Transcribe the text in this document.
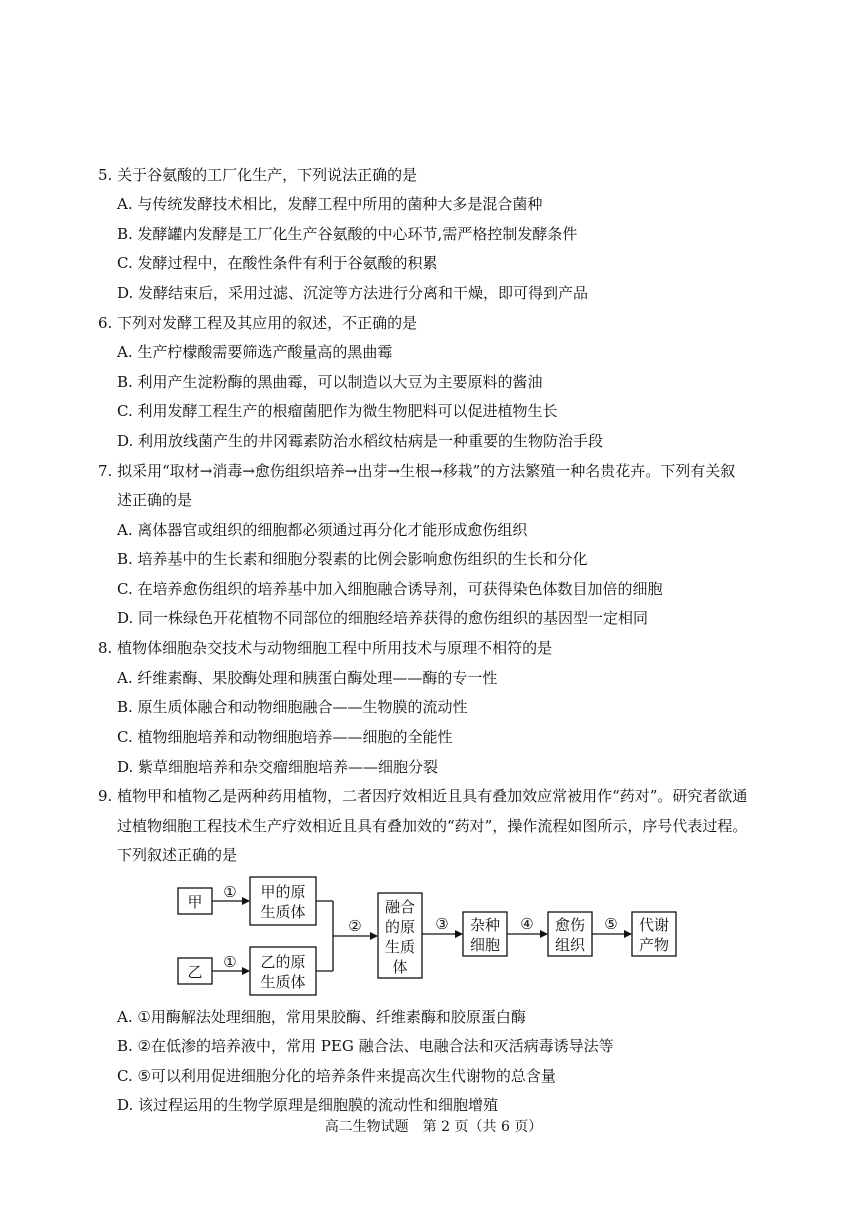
5. 关于谷氨酸的工厂化生产，下列说法正确的是
A. 与传统发酵技术相比，发酵工程中所用的菌种大多是混合菌种
B. 发酵罐内发酵是工厂化生产谷氨酸的中心环节,需严格控制发酵条件
C. 发酵过程中，在酸性条件有利于谷氨酸的积累
D. 发酵结束后，采用过滤、沉淀等方法进行分离和干燥，即可得到产品
6. 下列对发酵工程及其应用的叙述，不正确的是
A. 生产柠檬酸需要筛选产酸量高的黑曲霉
B. 利用产生淀粉酶的黑曲霉，可以制造以大豆为主要原料的酱油
C. 利用发酵工程生产的根瘤菌肥作为微生物肥料可以促进植物生长
D. 利用放线菌产生的井冈霉素防治水稻纹枯病是一种重要的生物防治手段
7. 拟采用“取材→消毒→愈伤组织培养→出芽→生根→移栽”的方法繁殖一种名贵花卉。下列有关叙
述正确的是
A. 离体器官或组织的细胞都必须通过再分化才能形成愈伤组织
B. 培养基中的生长素和细胞分裂素的比例会影响愈伤组织的生长和分化
C. 在培养愈伤组织的培养基中加入细胞融合诱导剂，可获得染色体数目加倍的细胞
D. 同一株绿色开花植物不同部位的细胞经培养获得的愈伤组织的基因型一定相同
8. 植物体细胞杂交技术与动物细胞工程中所用技术与原理不相符的是
A. 纤维素酶、果胶酶处理和胰蛋白酶处理——酶的专一性
B. 原生质体融合和动物细胞融合——生物膜的流动性
C. 植物细胞培养和动物细胞培养——细胞的全能性
D. 紫草细胞培养和杂交瘤细胞培养——细胞分裂
9. 植物甲和植物乙是两种药用植物，二者因疗效相近且具有叠加效应常被用作“药对”。研究者欲通
过植物细胞工程技术生产疗效相近且具有叠加效的“药对”，操作流程如图所示，序号代表过程。
下列叙述正确的是
甲
乙
甲的原
生质体
乙的原
生质体
融合
的原
生质
体
杂种
细胞
愈伤
组织
代谢
产物
①
①
②	③	④	⑤
A. ①用酶解法处理细胞，常用果胶酶、纤维素酶和胶原蛋白酶
B. ②在低渗的培养液中，常用 PEG 融合法、电融合法和灭活病毒诱导法等
C. ⑤可以利用促进细胞分化的培养条件来提高次生代谢物的总含量
D. 该过程运用的生物学原理是细胞膜的流动性和细胞增殖
高二生物试题　第 2 页（共 6 页）
